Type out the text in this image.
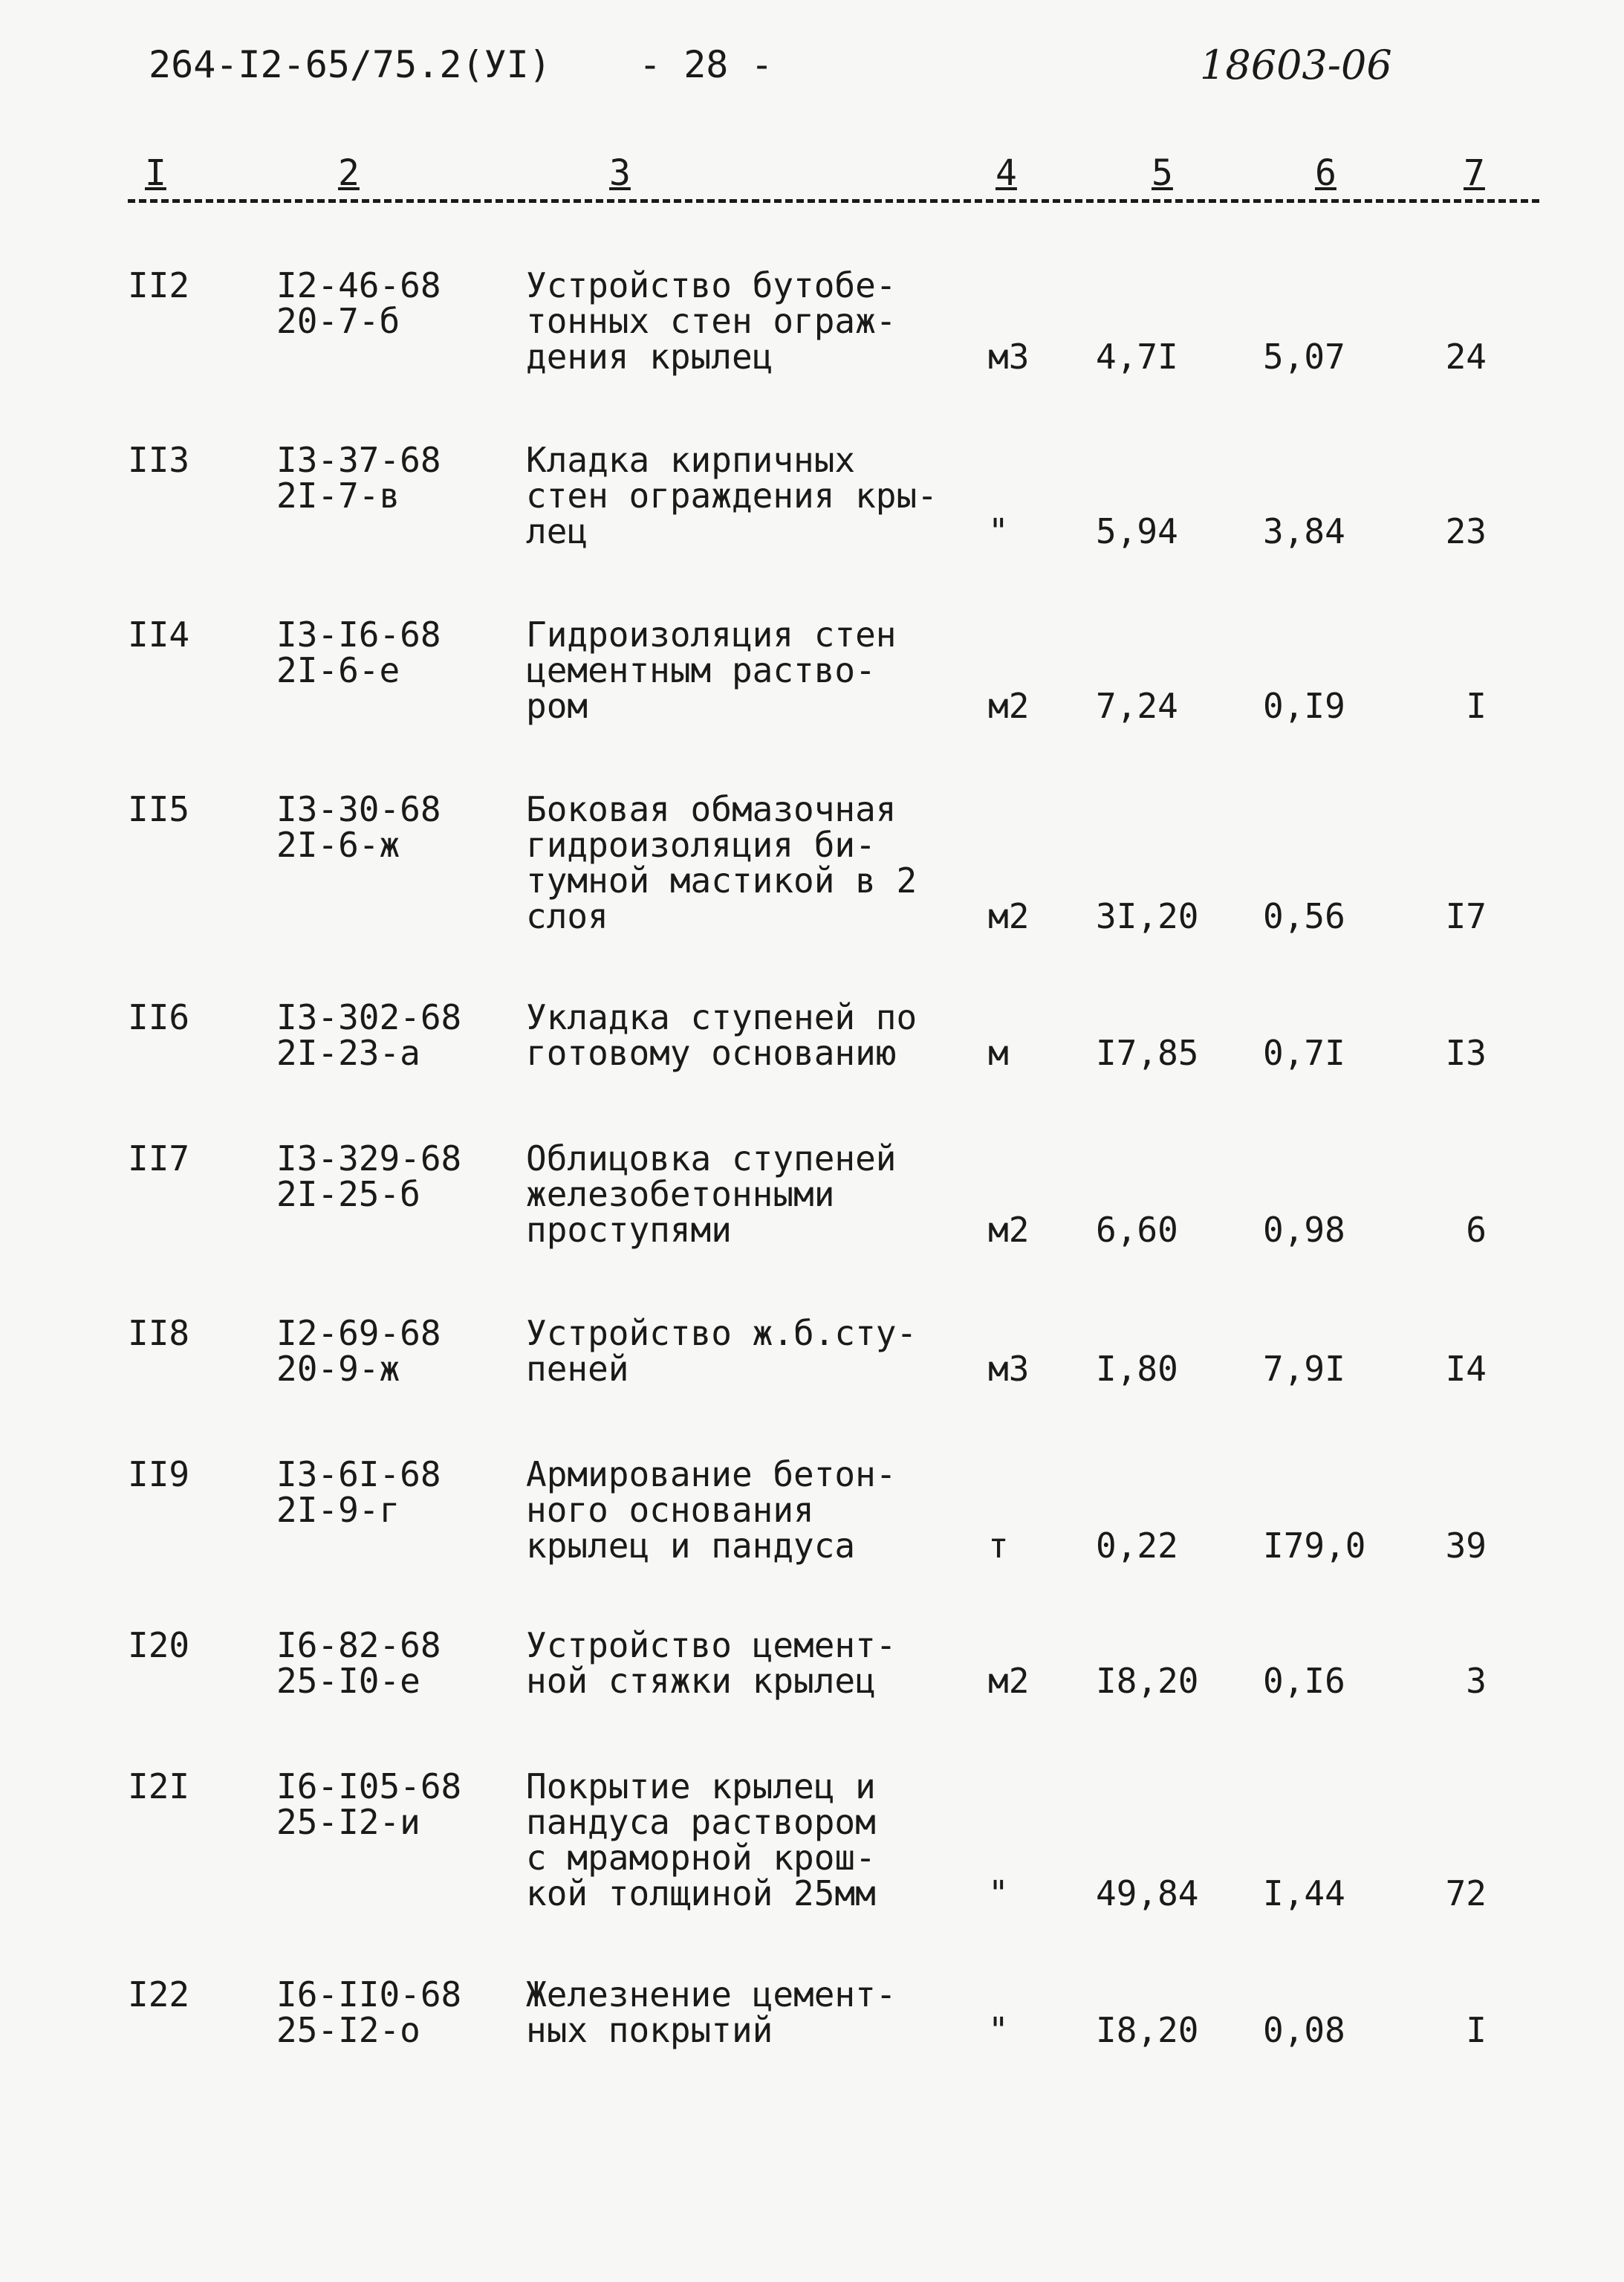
264-I2-65/75.2(УI) - 28 -	18603-06
I	2	3	4	5	6	7
II2	I2-46-68
20-7-б
Устройство бутобе-
тонных стен ограж-
дения крылец	м3 4,7I 5,07	24
II3	I3-37-68
2I-7-в
Кладка кирпичных
стен ограждения кры-
лец	"	5,94 3,84	23
II4	I3-I6-68
2I-6-е
Гидроизоляция стен
цементным раство-
ром	м2 7,24 0,I9	I
II5	I3-30-68
2I-6-ж
Боковая обмазочная
гидроизоляция би-
тумной мастикой в 2
слоя	м2 3I,20 0,56	I7
II6	I3-302-68
2I-23-а
Укладка ступеней по
готовому основанию	м	I7,85 0,7I	I3
II7	I3-329-68
2I-25-б
Облицовка ступеней
железобетонными
проступями	м2 6,60 0,98	6
II8	I2-69-68
20-9-ж
Устройство ж.б.сту-
пеней	м3 I,80 7,9I	I4
II9	I3-6I-68
2I-9-г
Армирование бетон-
ного основания
крылец и пандуса	т	0,22 I79,0 39
I20	I6-82-68
25-I0-е
Устройство цемент-
ной стяжки крылец	м2 I8,20 0,I6	3
I2I	I6-I05-68
25-I2-и
Покрытие крылец и
пандуса раствором
с мраморной крош-
кой толщиной 25мм	"	49,84 I,44	72
I22	I6-II0-68
25-I2-о
Железнение цемент-
ных покрытий	"	I8,20 0,08	I
